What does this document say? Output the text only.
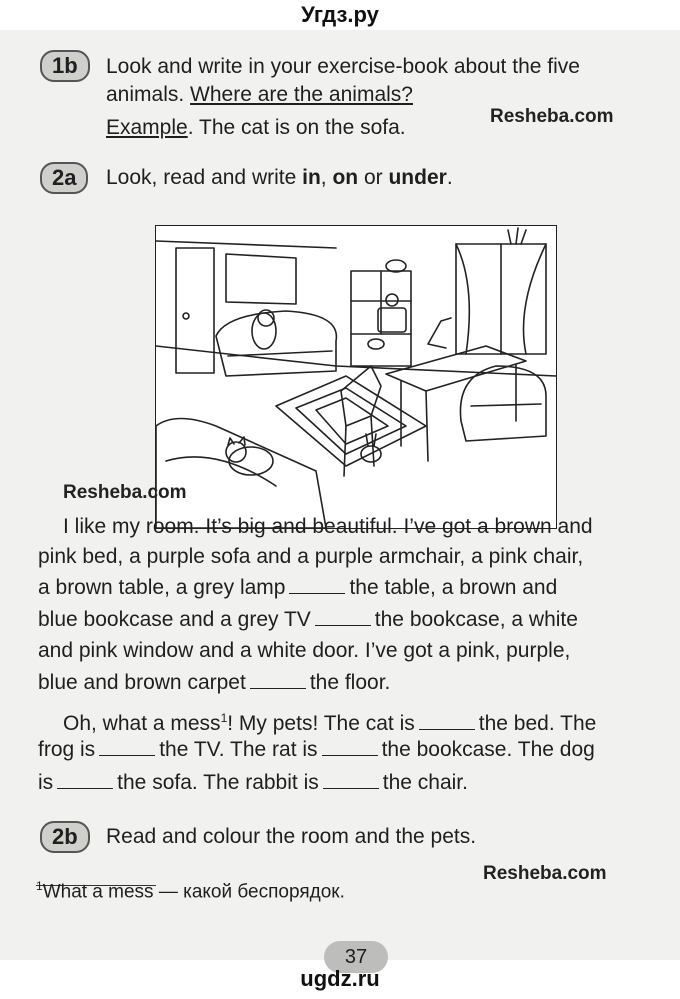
Угдз.ру
1b	Look and write in your exercise-book about the five
animals. Where are the animals?
Example. The cat is on the sofa.	Resheba.com
2a	Look, read and write in, on or under.
Resheba.com
I like my room. It’s big and beautiful. I’ve got a brown and
pink bed, a purple sofa and a purple armchair, a pink chair,
a brown table, a grey lamp	the table, a brown and
blue bookcase and a grey TV	the bookcase, a white
and pink window and a white door. I’ve got a pink, purple,
blue and brown carpet	the floor.
Oh, what a mess$^1$! My pets! The cat is	the bed. The
frog is	the TV. The rat is	the bookcase. The dog
is	the sofa. The rabbit is	the chair.
2b	Read and colour the room and the pets.
$^1$What a mess — какой беспорядок.
Resheba.com
37
ugdz.ru
